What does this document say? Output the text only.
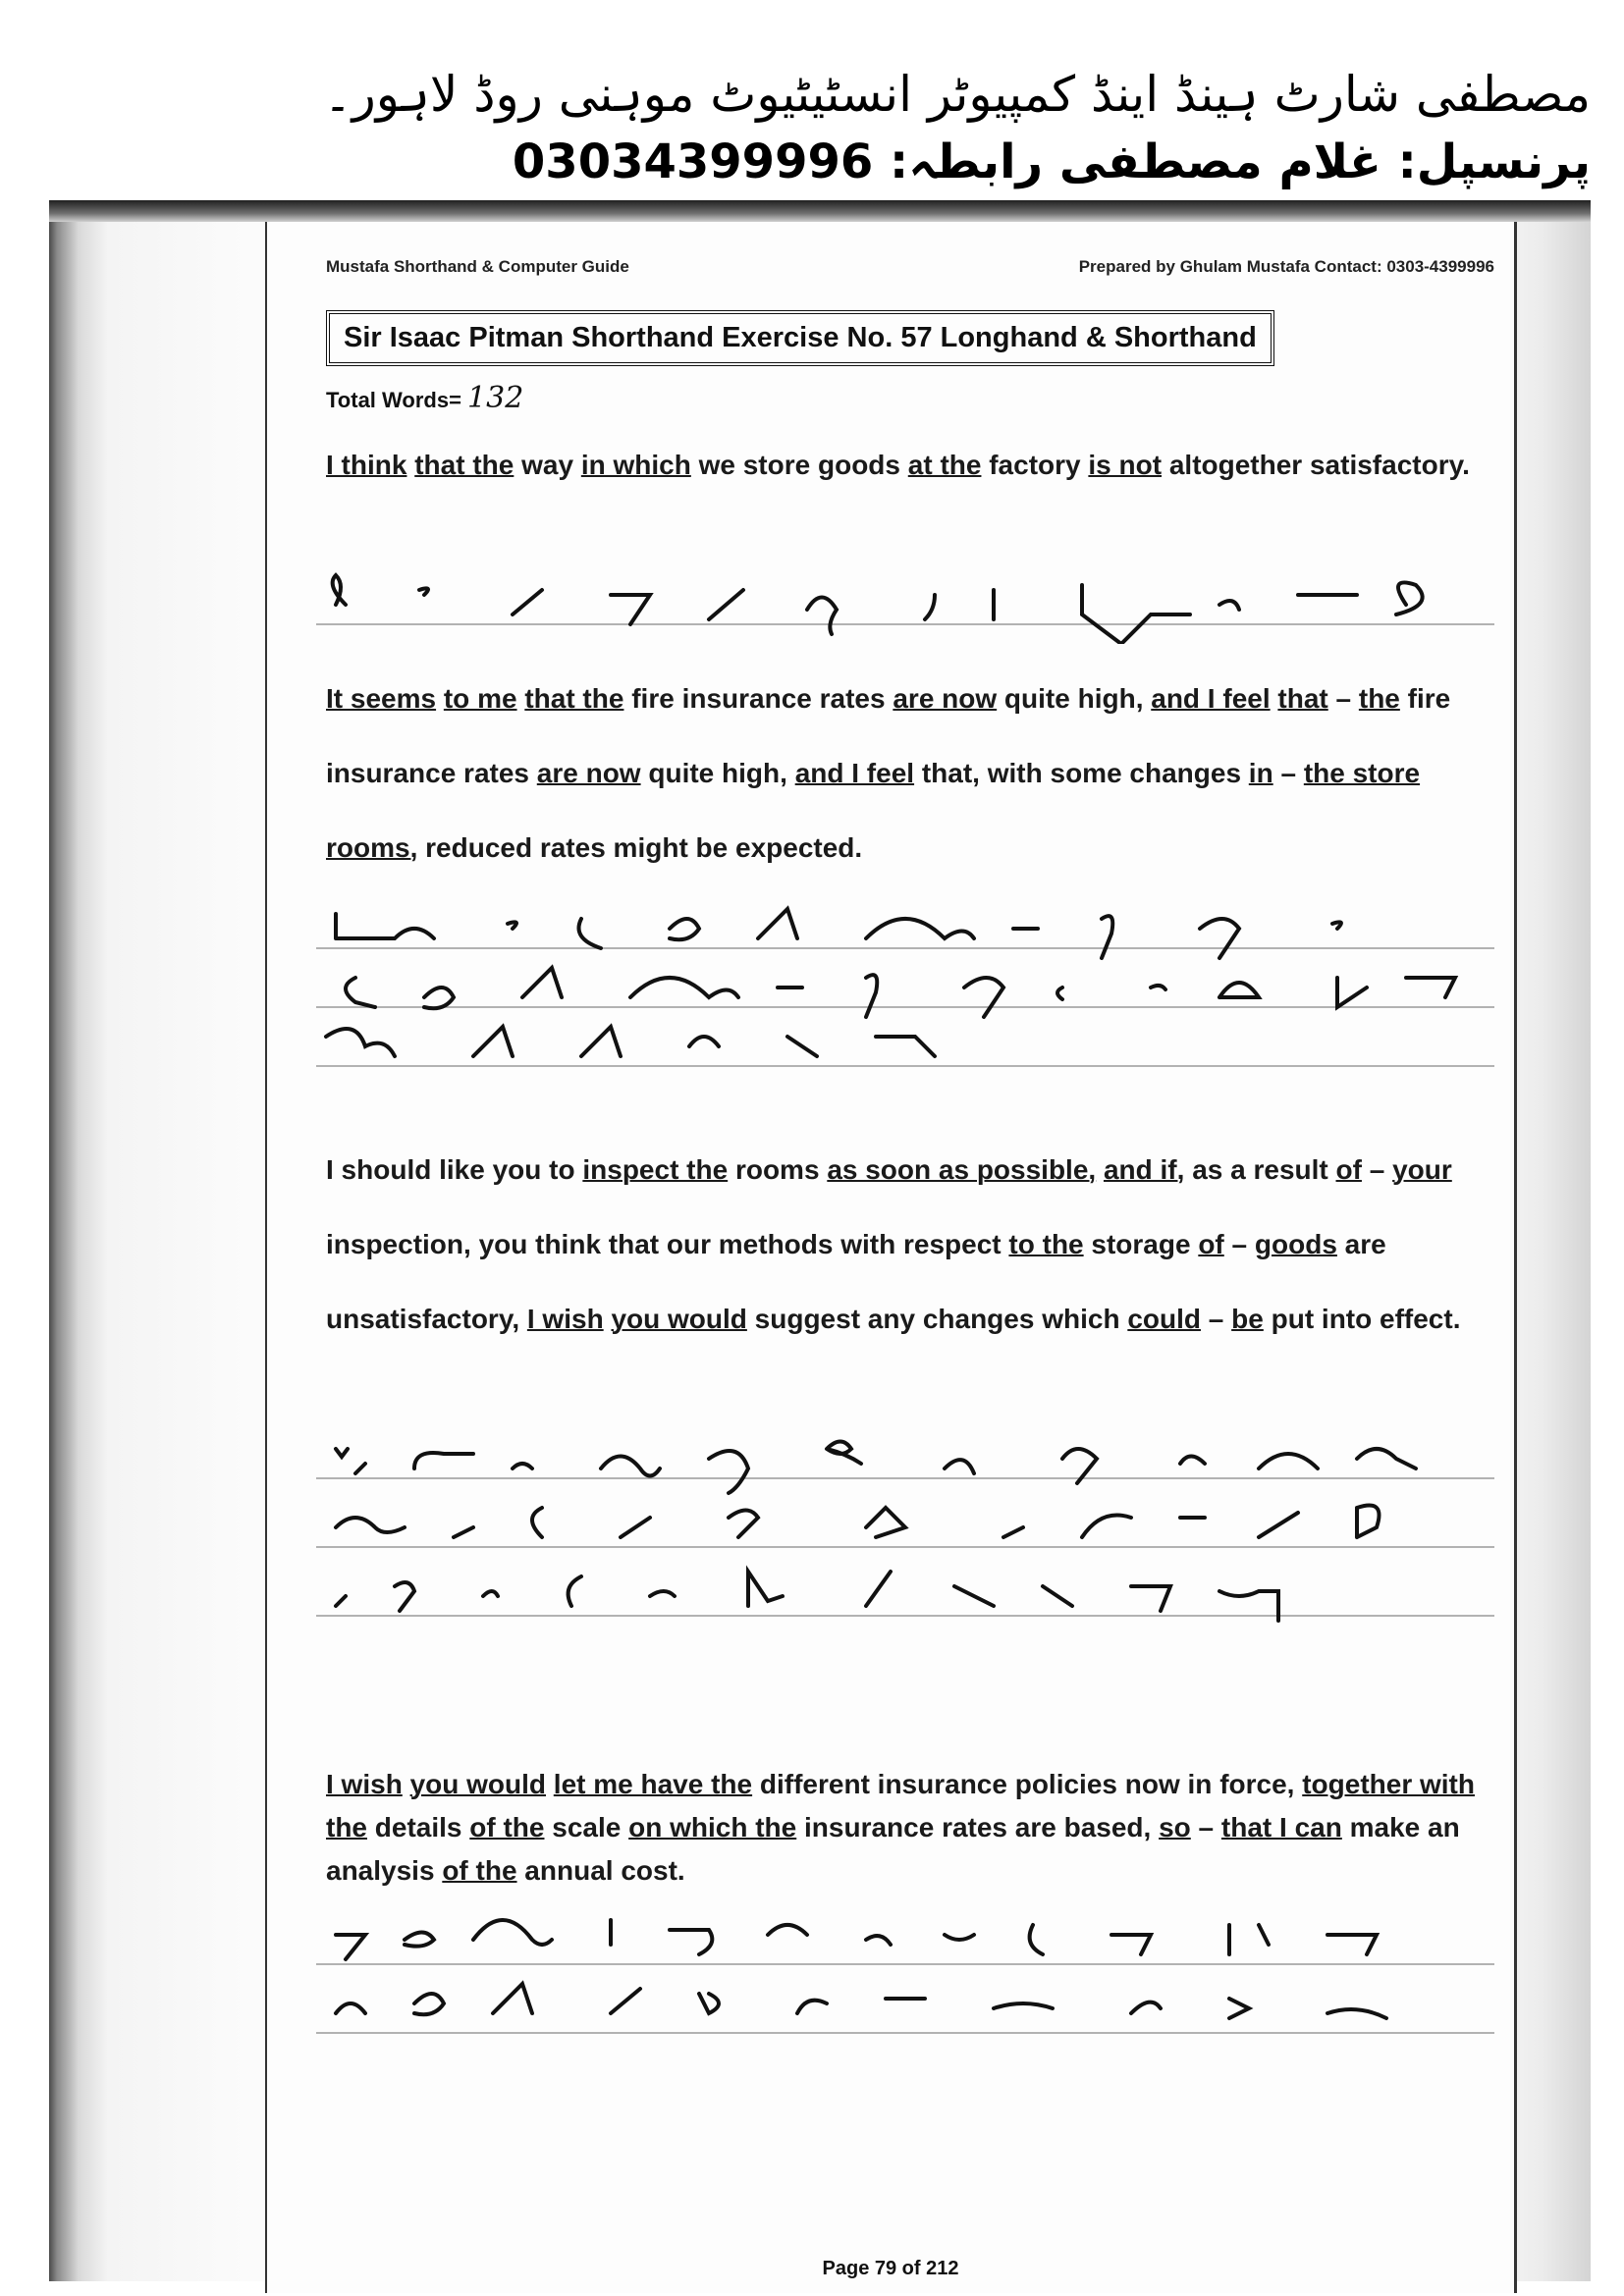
مصطفی شارٹ ہینڈ اینڈ کمپیوٹر انسٹیٹیوٹ موہنی روڈ لاہور۔
پرنسپل: غلام مصطفی رابطہ: 03034399996
Mustafa Shorthand & Computer Guide	Prepared by Ghulam Mustafa Contact: 0303-4399996
Sir Isaac Pitman Shorthand Exercise No. 57 Longhand & Shorthand
Total Words= 132
I think that the way in which we store goods at the factory is not altogether satisfactory.
It seems to me that the fire insurance rates are now quite high, and I feel that – the fire insurance rates are now quite high, and I feel that, with some changes in – the store rooms, reduced rates might be expected.
I should like you to inspect the rooms as soon as possible, and if, as a result of – your inspection, you think that our methods with respect to the storage of – goods are unsatisfactory, I wish you would suggest any changes which could – be put into effect.
I wish you would let me have the different insurance policies now in force, together with the details of the scale on which the insurance rates are based, so – that I can make an analysis of the annual cost.
Page 79 of 212
